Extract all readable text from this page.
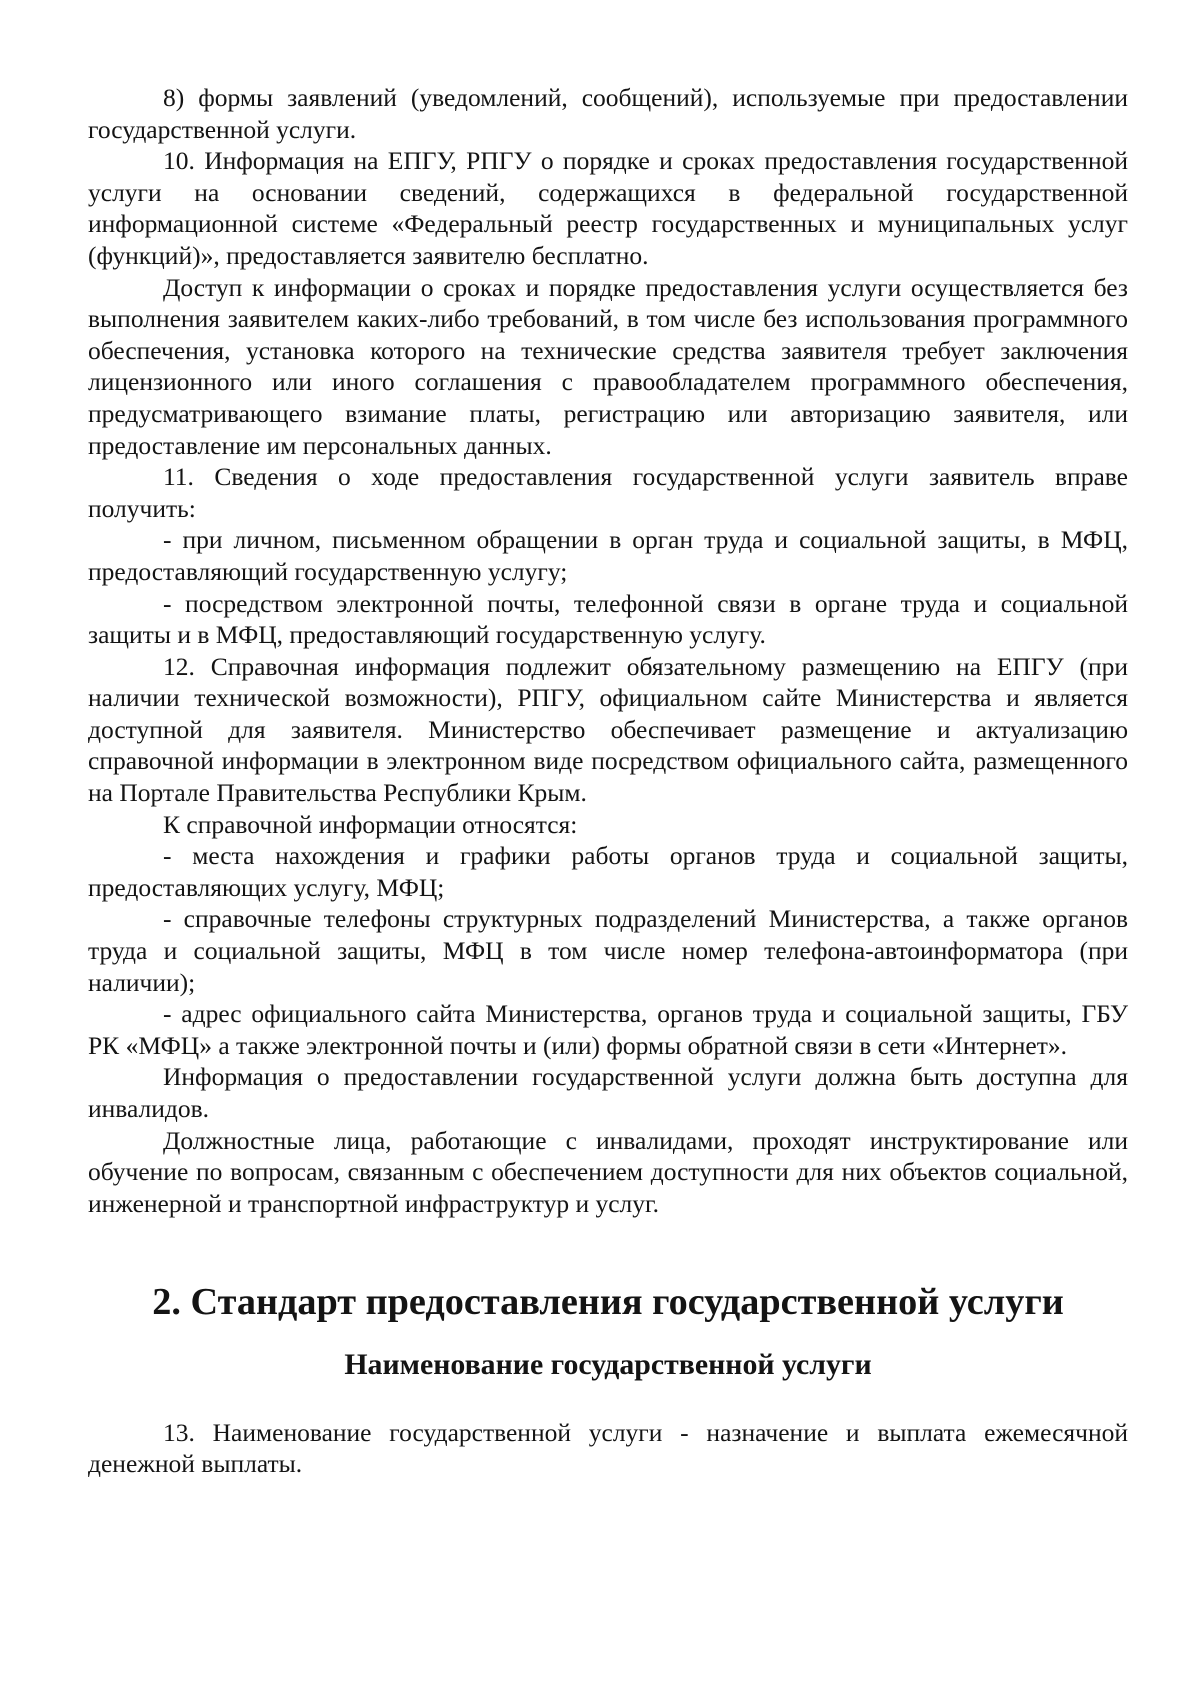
8) формы заявлений (уведомлений, сообщений), используемые при предоставлении государственной услуги.

10. Информация на ЕПГУ, РПГУ о порядке и сроках предоставления государственной услуги на основании сведений, содержащихся в федеральной государственной информационной системе «Федеральный реестр государственных и муниципальных услуг (функций)», предоставляется заявителю бесплатно.

Доступ к информации о сроках и порядке предоставления услуги осуществляется без выполнения заявителем каких-либо требований, в том числе без использования программного обеспечения, установка которого на технические средства заявителя требует заключения лицензионного или иного соглашения с правообладателем программного обеспечения, предусматривающего взимание платы, регистрацию или авторизацию заявителя, или предоставление им персональных данных.

11. Сведения о ходе предоставления государственной услуги заявитель вправе получить:

- при личном, письменном обращении в орган труда и социальной защиты, в МФЦ, предоставляющий государственную услугу;

- посредством электронной почты, телефонной связи в органе труда и социальной защиты и в МФЦ, предоставляющий государственную услугу.

12. Справочная информация подлежит обязательному размещению на ЕПГУ (при наличии технической возможности), РПГУ, официальном сайте Министерства и является доступной для заявителя. Министерство обеспечивает размещение и актуализацию справочной информации в электронном виде посредством официального сайта, размещенного на Портале Правительства Республики Крым.

К справочной информации относятся:

- места нахождения и графики работы органов труда и социальной защиты, предоставляющих услугу, МФЦ;

- справочные телефоны структурных подразделений Министерства, а также органов труда и социальной защиты, МФЦ в том числе номер телефона-автоинформатора (при наличии);

- адрес официального сайта Министерства, органов труда и социальной защиты, ГБУ РК «МФЦ» а также электронной почты и (или) формы обратной связи в сети «Интернет».

Информация о предоставлении государственной услуги должна быть доступна для инвалидов.

Должностные лица, работающие с инвалидами, проходят инструктирование или обучение по вопросам, связанным с обеспечением доступности для них объектов социальной, инженерной и транспортной инфраструктур и услуг.

2. Стандарт предоставления государственной услуги
Наименование государственной услуги

13. Наименование государственной услуги - назначение и выплата ежемесячной денежной выплаты.
